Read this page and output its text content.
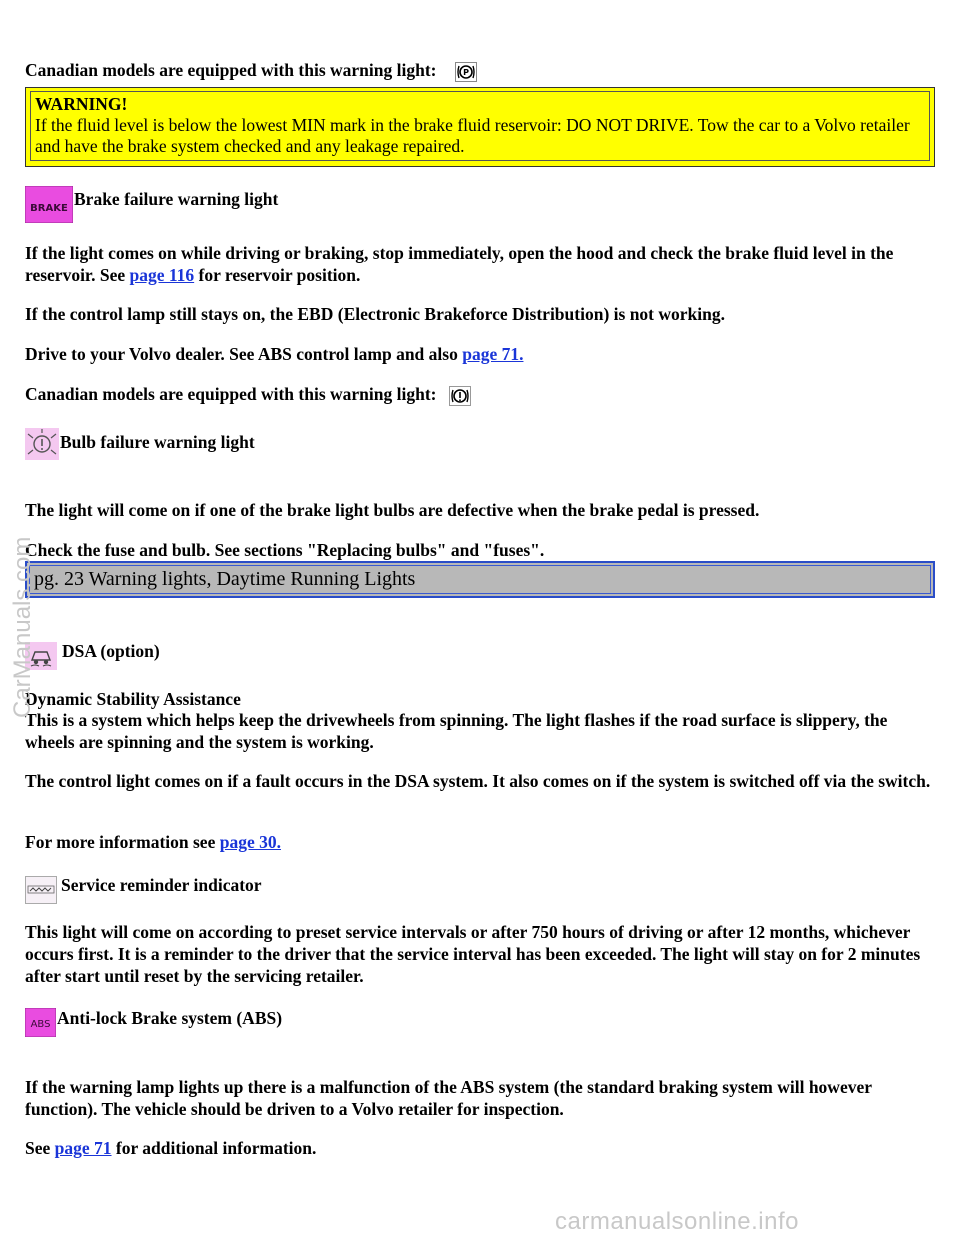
Canadian models are equipped with this warning light:

	P
WARNING!
If the fluid level is below the lowest MIN mark in the brake fluid reservoir: DO NOT DRIVE. Tow the car to a Volvo retailer and have the brake system checked and any leakage repaired.
BRAKE Brake failure warning light

If the light comes on while driving or braking, stop immediately, open the hood and check the brake fluid level in the reservoir. See page 116 for reservoir position.

If the control lamp still stays on, the EBD (Electronic Brakeforce Distribution) is not working.

Drive to your Volvo dealer. See ABS control lamp and also page 71.

Canadian models are equipped with this warning light:

Bulb failure warning light

The light will come on if one of the brake light bulbs are defective when the brake pedal is pressed.

Check the fuse and bulb. See sections "Replacing bulbs" and "fuses".

pg. 23 Warning lights, Daytime Running Lights

DSA (option)

Dynamic Stability Assistance

This is a system which helps keep the drivewheels from spinning. The light flashes if the road surface is slippery, the wheels are spinning and the system is working.

The control light comes on if a fault occurs in the DSA system. It also comes on if the system is switched off via the switch.

For more information see page 30.

Service reminder indicator

This light will come on according to preset service intervals or after 750 hours of driving or after 12 months, whichever occurs first. It is a reminder to the driver that the service interval has been exceeded. The light will stay on for 2 minutes after start until reset by the servicing retailer.

ABS Anti-lock Brake system (ABS)

If the warning lamp lights up there is a malfunction of the ABS system (the standard braking system will however function). The vehicle should be driven to a Volvo retailer for inspection.

See page 71 for additional information.

CarManuals.com
carmanualsonline.info
